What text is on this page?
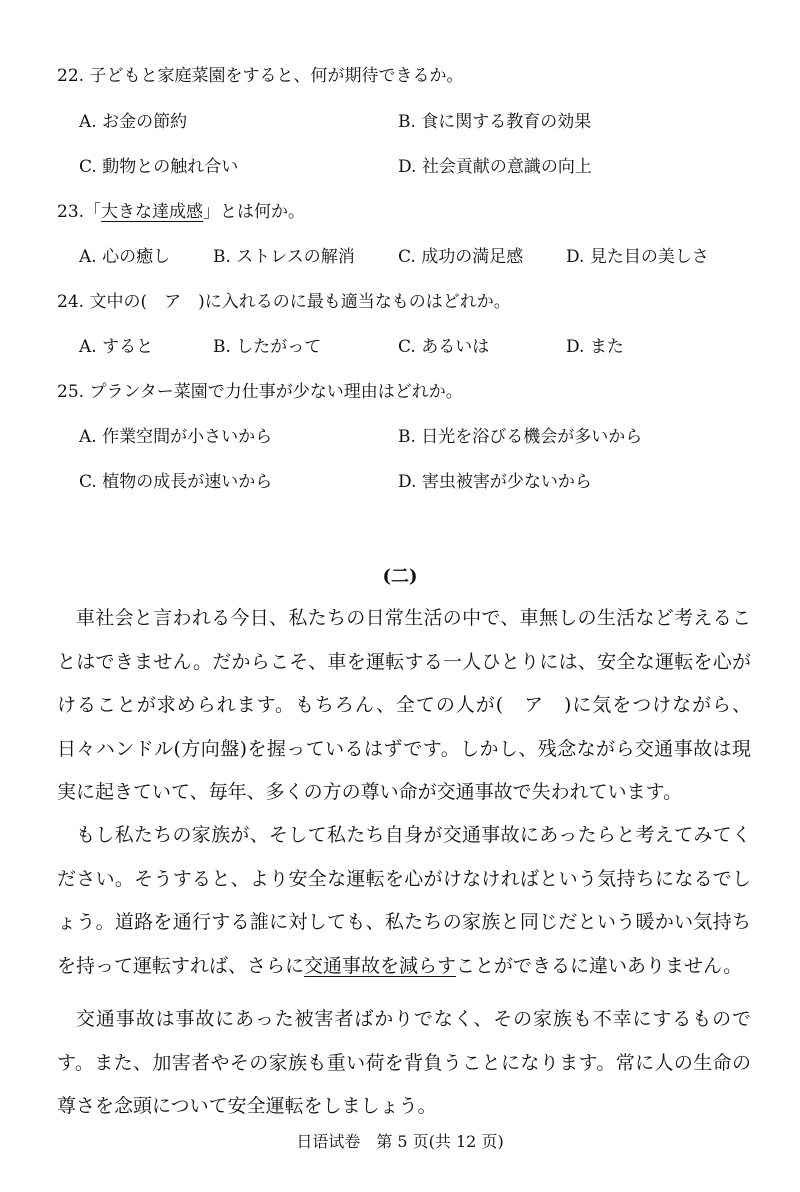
22. 子どもと家庭菜園をすると、何が期待できるか。
A. お金の節約	B. 食に関する教育の効果
C. 動物との触れ合い	D. 社会貢献の意識の向上
23.「大きな達成感」とは何か。
A. 心の癒し	B. ストレスの解消	C. 成功の満足感	D. 見た目の美しさ
24. 文中の(　ア　)に入れるのに最も適当なものはどれか。
A. すると	B. したがって	C. あるいは	D. また
25. プランター菜園で力仕事が少ない理由はどれか。
A. 作業空間が小さいから	B. 日光を浴びる機会が多いから
C. 植物の成長が速いから	D. 害虫被害が少ないから
(二)

車社会と言われる今日、私たちの日常生活の中で、車無しの生活など考えることはできません。だからこそ、車を運転する一人ひとりには、安全な運転を心がけることが求められます。もちろん、全ての人が(　ア　)に気をつけながら、日々ハンドル(方向盤)を握っているはずです。しかし、残念ながら交通事故は現実に起きていて、毎年、多くの方の尊い命が交通事故で失われています。

もし私たちの家族が、そして私たち自身が交通事故にあったらと考えてみてください。そうすると、より安全な運転を心がけなければという気持ちになるでしょう。道路を通行する誰に対しても、私たちの家族と同じだという暖かい気持ちを持って運転すれば、さらに交通事故を減らすことができるに違いありません。

交通事故は事故にあった被害者ばかりでなく、その家族も不幸にするものです。また、加害者やその家族も重い荷を背負うことになります。常に人の生命の尊さを念頭について安全運転をしましょう。

日语试卷　第 5 页(共 12 页)
